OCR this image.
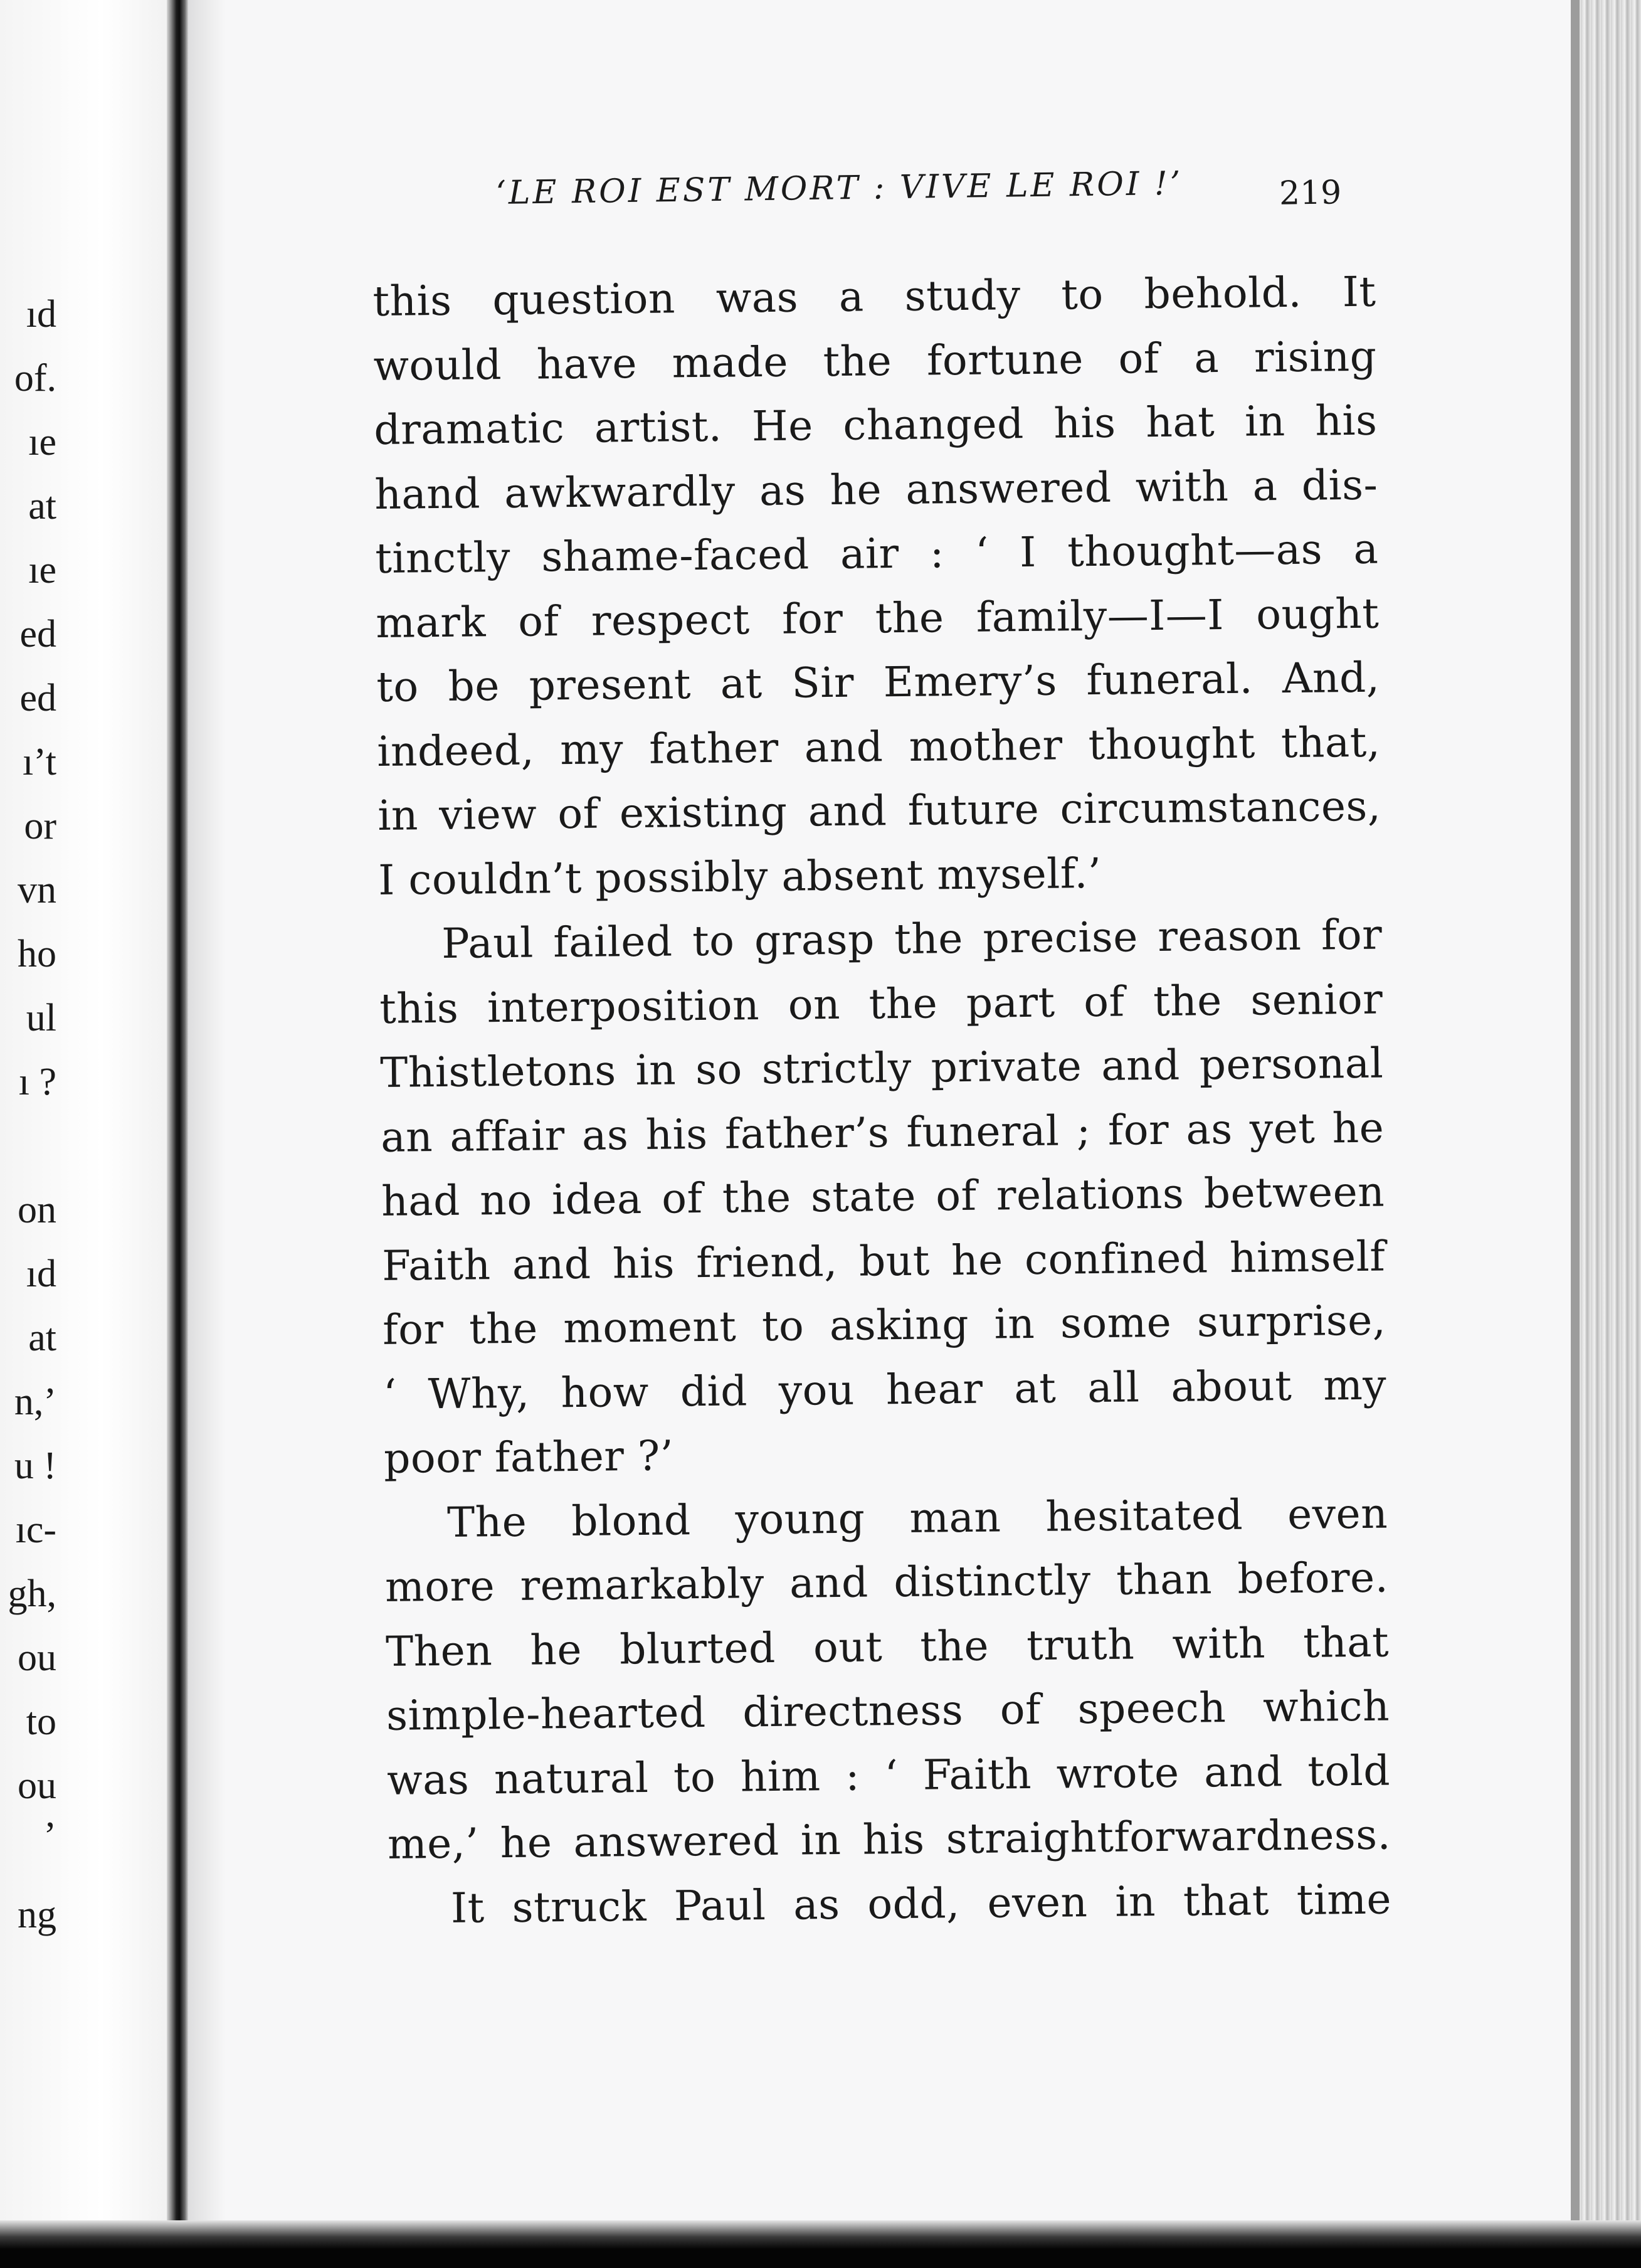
ıd
of.
ıe
at
ıe
ed
ed
ı’t
or
vn
ho
ul
ı ?
on
ıd
at
n,’
u !
ıc-
gh,
ou
to
ou
’
ng
‘LE ROI EST MORT : VIVE LE ROI !’	219
this question was a study to behold. It
would have made the fortune of a rising
dramatic artist. He changed his hat in his
hand awkwardly as he answered with a dis-
tinctly shame-faced air : ‘ I thought—as a
mark of respect for the family—I—I ought
to be present at Sir Emery’s funeral. And,
indeed, my father and mother thought that,
in view of existing and future circumstances,
I couldn’t possibly absent myself.’
Paul failed to grasp the precise reason for
this interposition on the part of the senior
Thistletons in so strictly private and personal
an affair as his father’s funeral ; for as yet he
had no idea of the state of relations between
Faith and his friend, but he confined himself
for the moment to asking in some surprise,
‘ Why, how did you hear at all about my
poor father ?’
The blond young man hesitated even
more remarkably and distinctly than before.
Then he blurted out the truth with that
simple-hearted directness of speech which
was natural to him : ‘ Faith wrote and told
me,’ he answered in his straightforwardness.
It struck Paul as odd, even in that time
